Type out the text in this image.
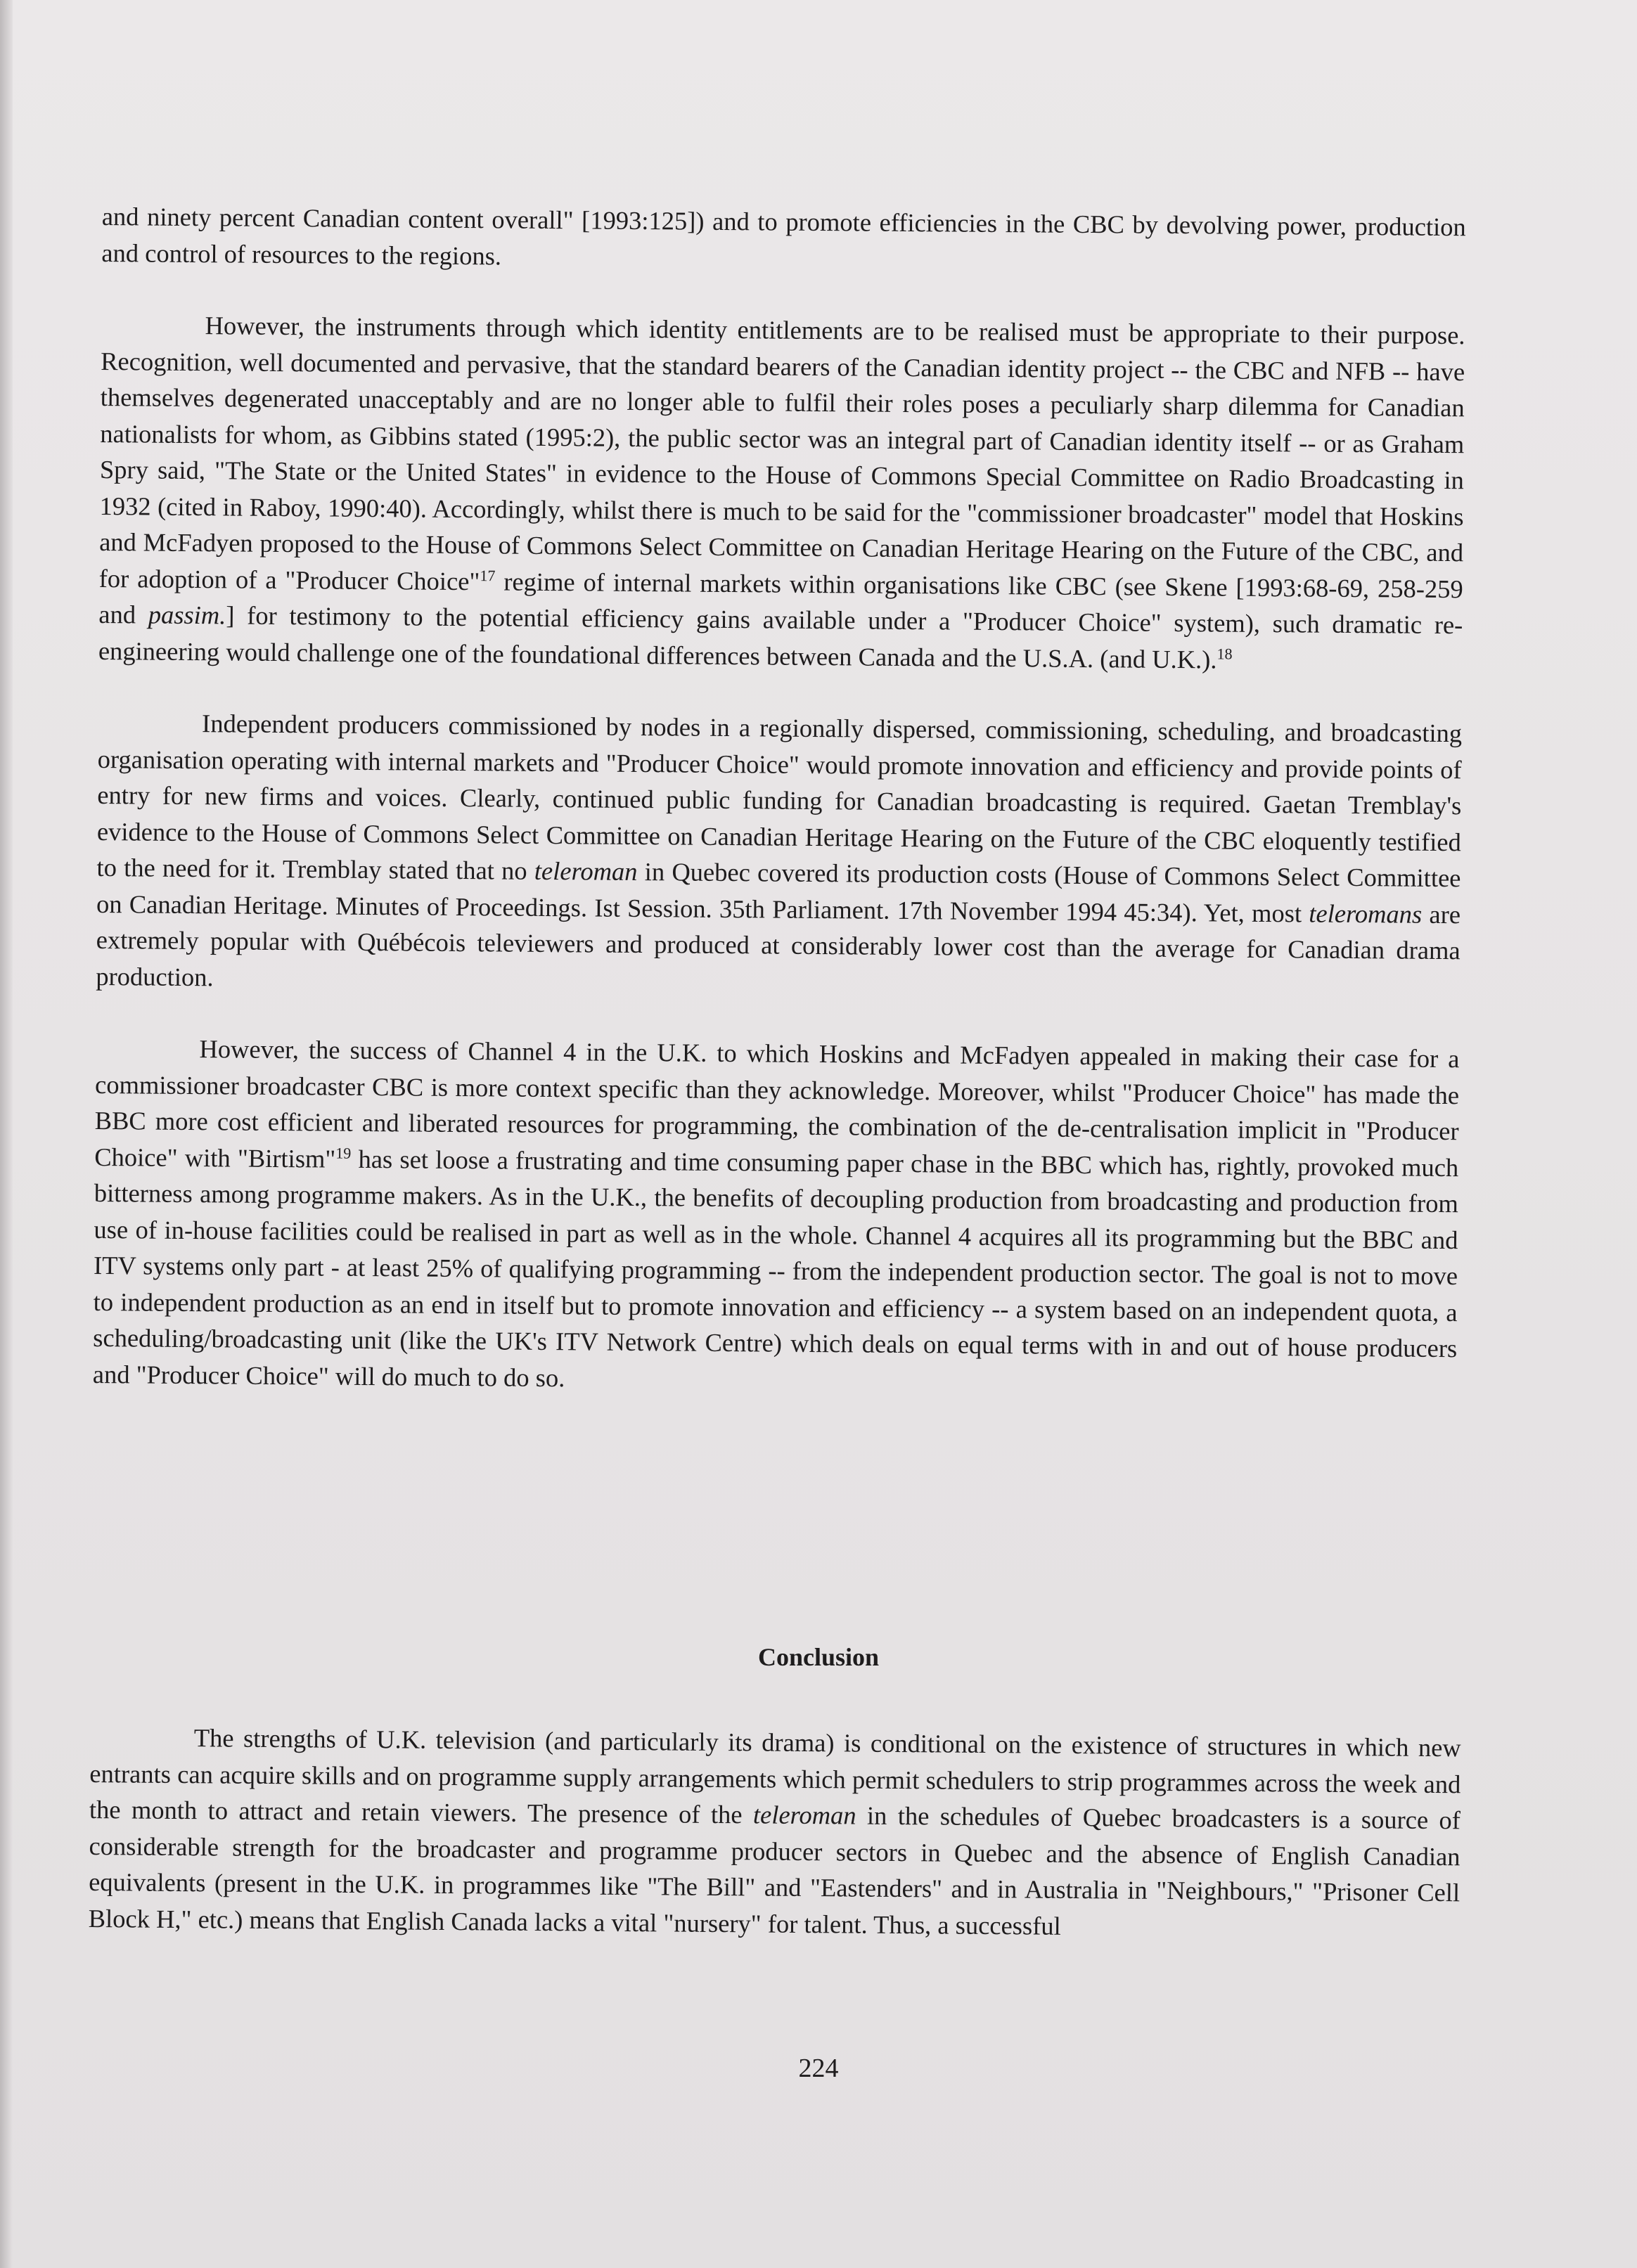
and ninety percent Canadian content overall" [1993:125]) and to promote efficiencies in the CBC by devolving power, production and control of resources to the regions.

However, the instruments through which identity entitlements are to be realised must be appropriate to their purpose. Recognition, well documented and pervasive, that the standard bearers of the Canadian identity project -- the CBC and NFB -- have themselves degenerated unacceptably and are no longer able to fulfil their roles poses a peculiarly sharp dilemma for Canadian nationalists for whom, as Gibbins stated (1995:2), the public sector was an integral part of Canadian identity itself -- or as Graham Spry said, "The State or the United States" in evidence to the House of Commons Special Committee on Radio Broadcasting in 1932 (cited in Raboy, 1990:40). Accordingly, whilst there is much to be said for the "commissioner broadcaster" model that Hoskins and McFadyen proposed to the House of Commons Select Committee on Canadian Heritage Hearing on the Future of the CBC, and for adoption of a "Producer Choice"$^{17}$ regime of internal markets within organisations like CBC (see Skene [1993:68-69, 258-259 and passim.] for testimony to the potential efficiency gains available under a "Producer Choice" system), such dramatic re-engineering would challenge one of the foundational differences between Canada and the U.S.A. (and U.K.).$^{18}$

Independent producers commissioned by nodes in a regionally dispersed, commissioning, scheduling, and broadcasting organisation operating with internal markets and "Producer Choice" would promote innovation and efficiency and provide points of entry for new firms and voices. Clearly, continued public funding for Canadian broadcasting is required. Gaetan Tremblay's evidence to the House of Commons Select Committee on Canadian Heritage Hearing on the Future of the CBC eloquently testified to the need for it. Tremblay stated that no teleroman in Quebec covered its production costs (House of Commons Select Committee on Canadian Heritage. Minutes of Proceedings. Ist Session. 35th Parliament. 17th November 1994 45:34). Yet, most teleromans are extremely popular with Québécois televiewers and produced at considerably lower cost than the average for Canadian drama production.

However, the success of Channel 4 in the U.K. to which Hoskins and McFadyen appealed in making their case for a commissioner broadcaster CBC is more context specific than they acknowledge. Moreover, whilst "Producer Choice" has made the BBC more cost efficient and liberated resources for programming, the combination of the de-centralisation implicit in "Producer Choice" with "Birtism"$^{19}$ has set loose a frustrating and time consuming paper chase in the BBC which has, rightly, provoked much bitterness among programme makers. As in the U.K., the benefits of decoupling production from broadcasting and production from use of in-house facilities could be realised in part as well as in the whole. Channel 4 acquires all its programming but the BBC and ITV systems only part - at least 25% of qualifying programming -- from the independent production sector. The goal is not to move to independent production as an end in itself but to promote innovation and efficiency -- a system based on an independent quota, a scheduling/broadcasting unit (like the UK's ITV Network Centre) which deals on equal terms with in and out of house producers and "Producer Choice" will do much to do so.

Conclusion

The strengths of U.K. television (and particularly its drama) is conditional on the existence of structures in which new entrants can acquire skills and on programme supply arrangements which permit schedulers to strip programmes across the week and the month to attract and retain viewers. The presence of the teleroman in the schedules of Quebec broadcasters is a source of considerable strength for the broadcaster and programme producer sectors in Quebec and the absence of English Canadian equivalents (present in the U.K. in programmes like "The Bill" and "Eastenders" and in Australia in "Neighbours," "Prisoner Cell Block H," etc.) means that English Canada lacks a vital "nursery" for talent. Thus, a successful

224
